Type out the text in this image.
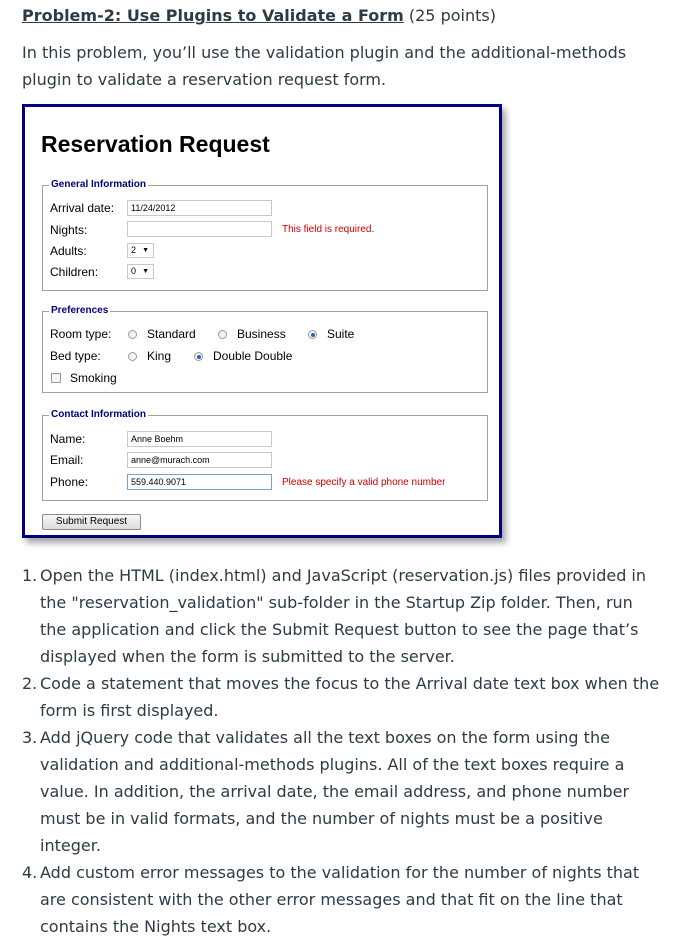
Problem-2: Use Plugins to Validate a Form (25 points)
In this problem, you’ll use the validation plugin and the additional-methods plugin to validate a reservation request form.
Reservation Request
General Information
Arrival date:	11/24/2012
Nights:	This field is required.
Adults:	2 ▼
Children:	0 ▼
Preferences
Room type:	Standard	Business	Suite
Bed type:	King	Double Double
Smoking
Contact Information
Name:	Anne Boehm
Email:	anne@murach.com
Phone:	559.440.9071	Please specify a valid phone number
Submit Request
1. Open the HTML (index.html) and JavaScript (reservation.js) files provided in the "reservation_validation" sub-folder in the Startup Zip folder. Then, run the application and click the Submit Request button to see the page that’s displayed when the form is submitted to the server.
2. Code a statement that moves the focus to the Arrival date text box when the form is first displayed.
3. Add jQuery code that validates all the text boxes on the form using the validation and additional-methods plugins. All of the text boxes require a value. In addition, the arrival date, the email address, and phone number must be in valid formats, and the number of nights must be a positive integer.
4. Add custom error messages to the validation for the number of nights that are consistent with the other error messages and that fit on the line that contains the Nights text box.
